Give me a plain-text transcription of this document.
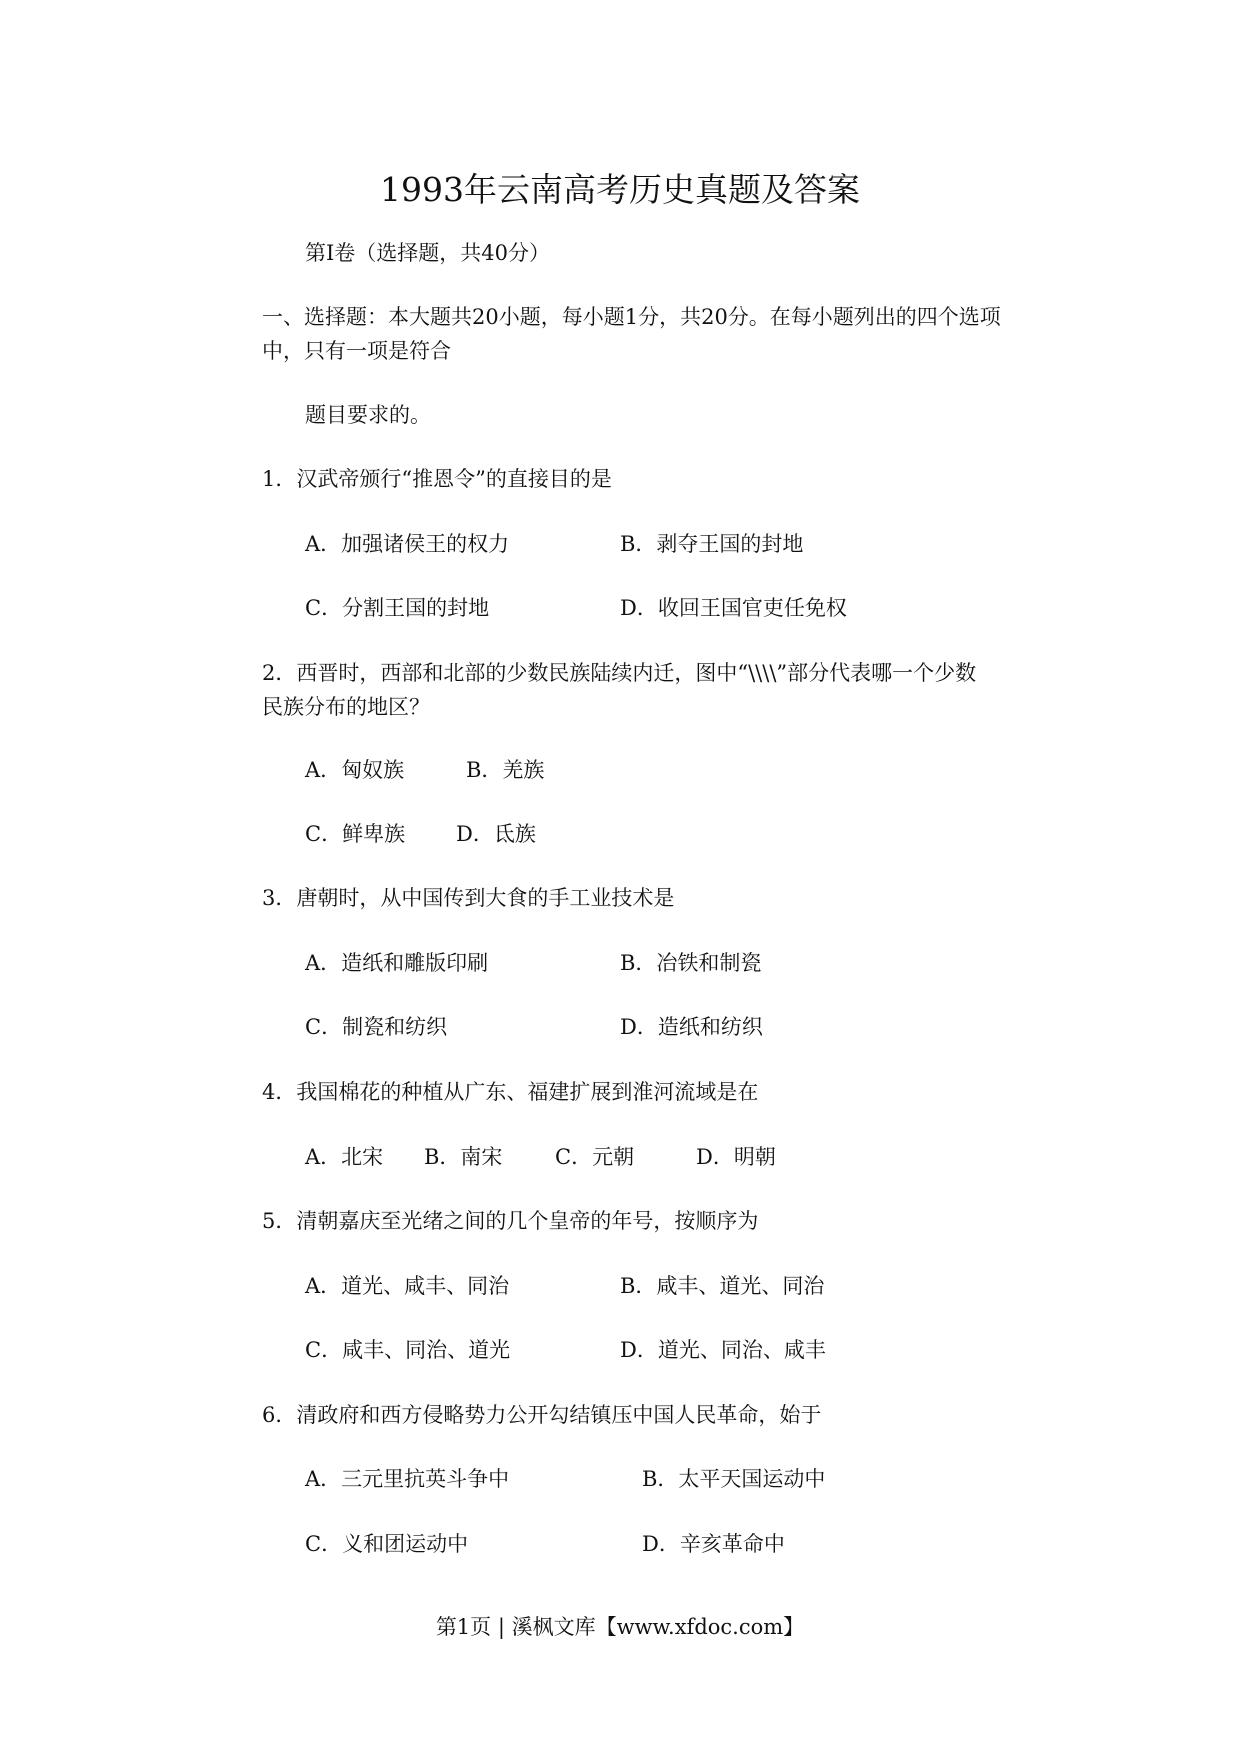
1993年云南高考历史真题及答案
第Ⅰ卷（选择题，共40分）
一、选择题：本大题共20小题，每小题1分，共20分。在每小题列出的四个选项
中，只有一项是符合
题目要求的。
1．汉武帝颁行“推恩令”的直接目的是
A．加强诸侯王的权力	B．剥夺王国的封地
C．分割王国的封地	D．收回王国官吏任免权
2．西晋时，西部和北部的少数民族陆续内迁，图中“\\\\”部分代表哪一个少数
民族分布的地区？
A．匈奴族	B．羌族
C．鲜卑族 D．氐族
3．唐朝时，从中国传到大食的手工业技术是
A．造纸和雕版印刷	B．冶铁和制瓷
C．制瓷和纺织	D．造纸和纺织
4．我国棉花的种植从广东、福建扩展到淮河流域是在
A．北宋 B．南宋	C．元朝	D．明朝
5．清朝嘉庆至光绪之间的几个皇帝的年号，按顺序为
A．道光、咸丰、同治	B．咸丰、道光、同治
C．咸丰、同治、道光	D．道光、同治、咸丰
6．清政府和西方侵略势力公开勾结镇压中国人民革命，始于
A．三元里抗英斗争中	B．太平天国运动中
C．义和团运动中	D．辛亥革命中
第1页 | 溪枫文库【www.xfdoc.com】
